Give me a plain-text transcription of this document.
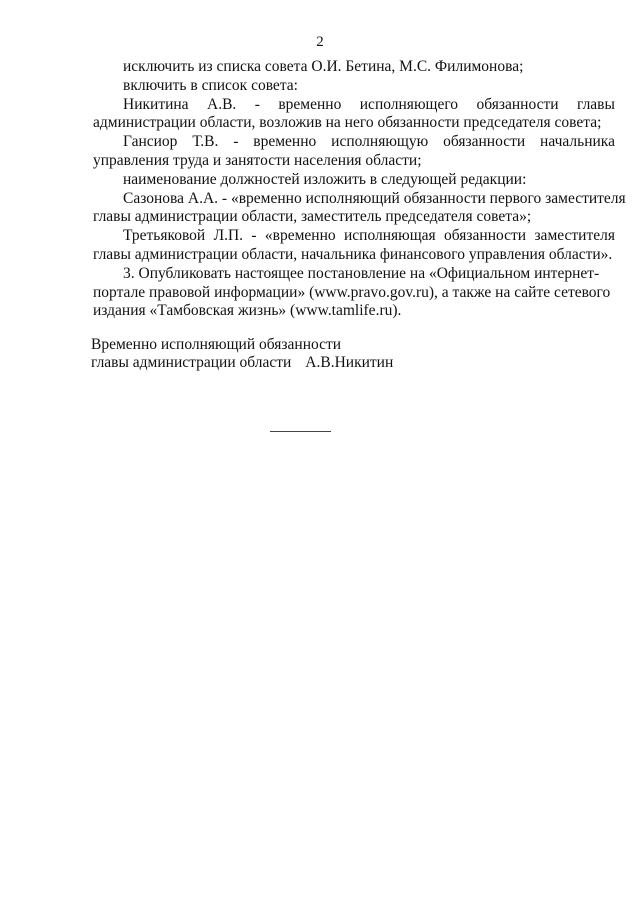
2
исключить из списка совета О.И. Бетина, М.С. Филимонова;
включить в список совета:
Никитина А.В. - временно исполняющего обязанности главы
администрации области, возложив на него обязанности председателя совета;
Гансиор Т.В. - временно исполняющую обязанности начальника
управления труда и занятости населения области;
наименование должностей изложить в следующей редакции:
Сазонова А.А. - «временно исполняющий обязанности первого заместителя
главы администрации области, заместитель председателя совета»;
Третьяковой Л.П. - «временно исполняющая обязанности заместителя
главы администрации области, начальника финансового управления области».
3. Опубликовать настоящее постановление на «Официальном интернет-
портале правовой информации» (www.pravo.gov.ru), а также на сайте сетевого
издания «Тамбовская жизнь» (www.tamlife.ru).
Временно исполняющий обязанности
главы администрации области А.В.Никитин
